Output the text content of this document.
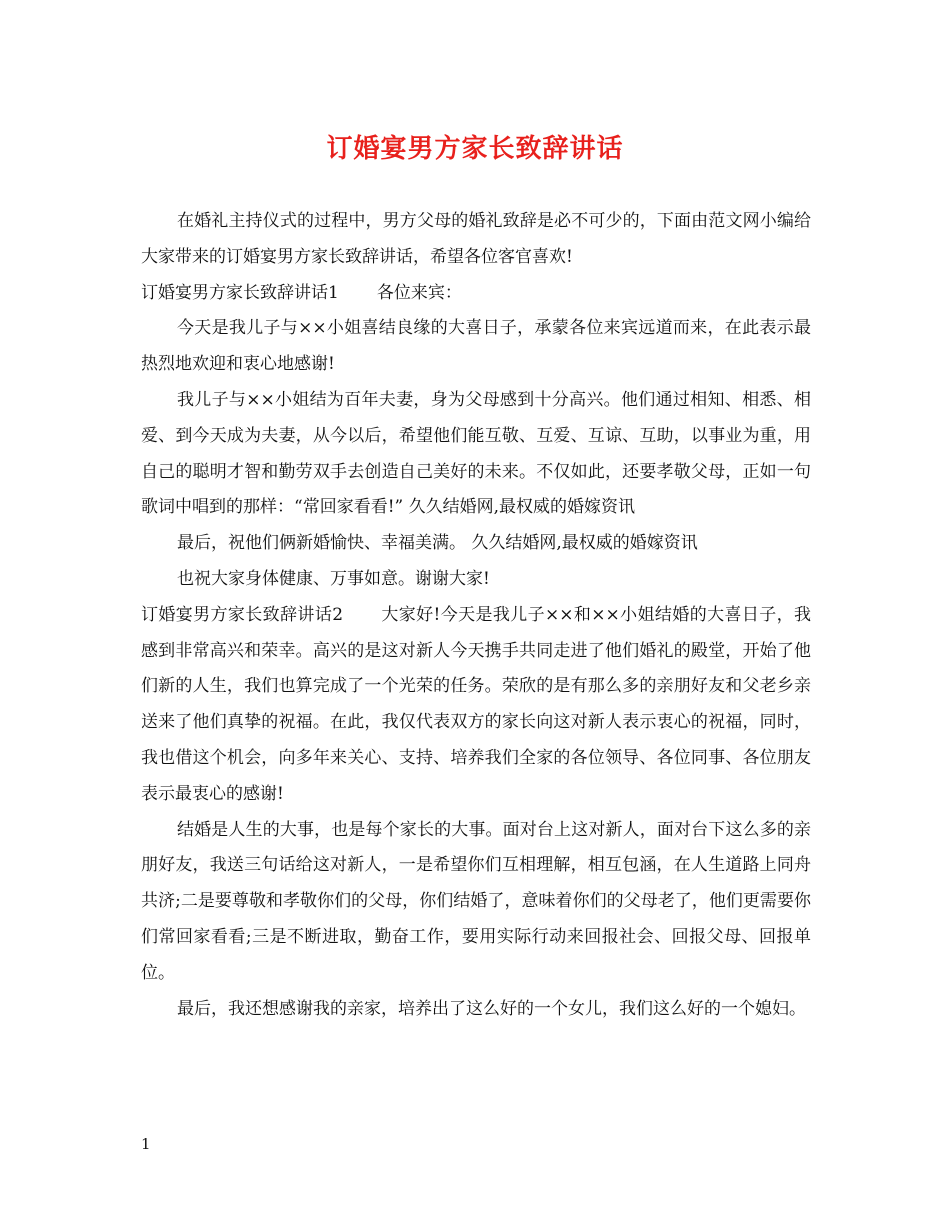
订婚宴男方家长致辞讲话

在婚礼主持仪式的过程中，男方父母的婚礼致辞是必不可少的，下面由范文网小编给大家带来的订婚宴男方家长致辞讲话，希望各位客官喜欢!

订婚宴男方家长致辞讲话1 各位来宾：

今天是我儿子与××小姐喜结良缘的大喜日子，承蒙各位来宾远道而来，在此表示最热烈地欢迎和衷心地感谢!

我儿子与××小姐结为百年夫妻，身为父母感到十分高兴。他们通过相知、相悉、相爱、到今天成为夫妻，从今以后，希望他们能互敬、互爱、互谅、互助，以事业为重，用自己的聪明才智和勤劳双手去创造自己美好的未来。不仅如此，还要孝敬父母，正如一句歌词中唱到的那样：“常回家看看!” 久久结婚网,最权威的婚嫁资讯

最后，祝他们俩新婚愉快、幸福美满。 久久结婚网,最权威的婚嫁资讯

也祝大家身体健康、万事如意。谢谢大家!

订婚宴男方家长致辞讲话2 大家好!今天是我儿子××和××小姐结婚的大喜日子，我感到非常高兴和荣幸。高兴的是这对新人今天携手共同走进了他们婚礼的殿堂，开始了他们新的人生，我们也算完成了一个光荣的任务。荣欣的是有那么多的亲朋好友和父老乡亲送来了他们真挚的祝福。在此，我仅代表双方的家长向这对新人表示衷心的祝福，同时，我也借这个机会，向多年来关心、支持、培养我们全家的各位领导、各位同事、各位朋友表示最衷心的感谢!

结婚是人生的大事，也是每个家长的大事。面对台上这对新人，面对台下这么多的亲朋好友，我送三句话给这对新人，一是希望你们互相理解，相互包涵，在人生道路上同舟共济;二是要尊敬和孝敬你们的父母，你们结婚了，意味着你们的父母老了，他们更需要你们常回家看看;三是不断进取，勤奋工作，要用实际行动来回报社会、回报父母、回报单位。

最后，我还想感谢我的亲家，培养出了这么好的一个女儿，我们这么好的一个媳妇。

1
